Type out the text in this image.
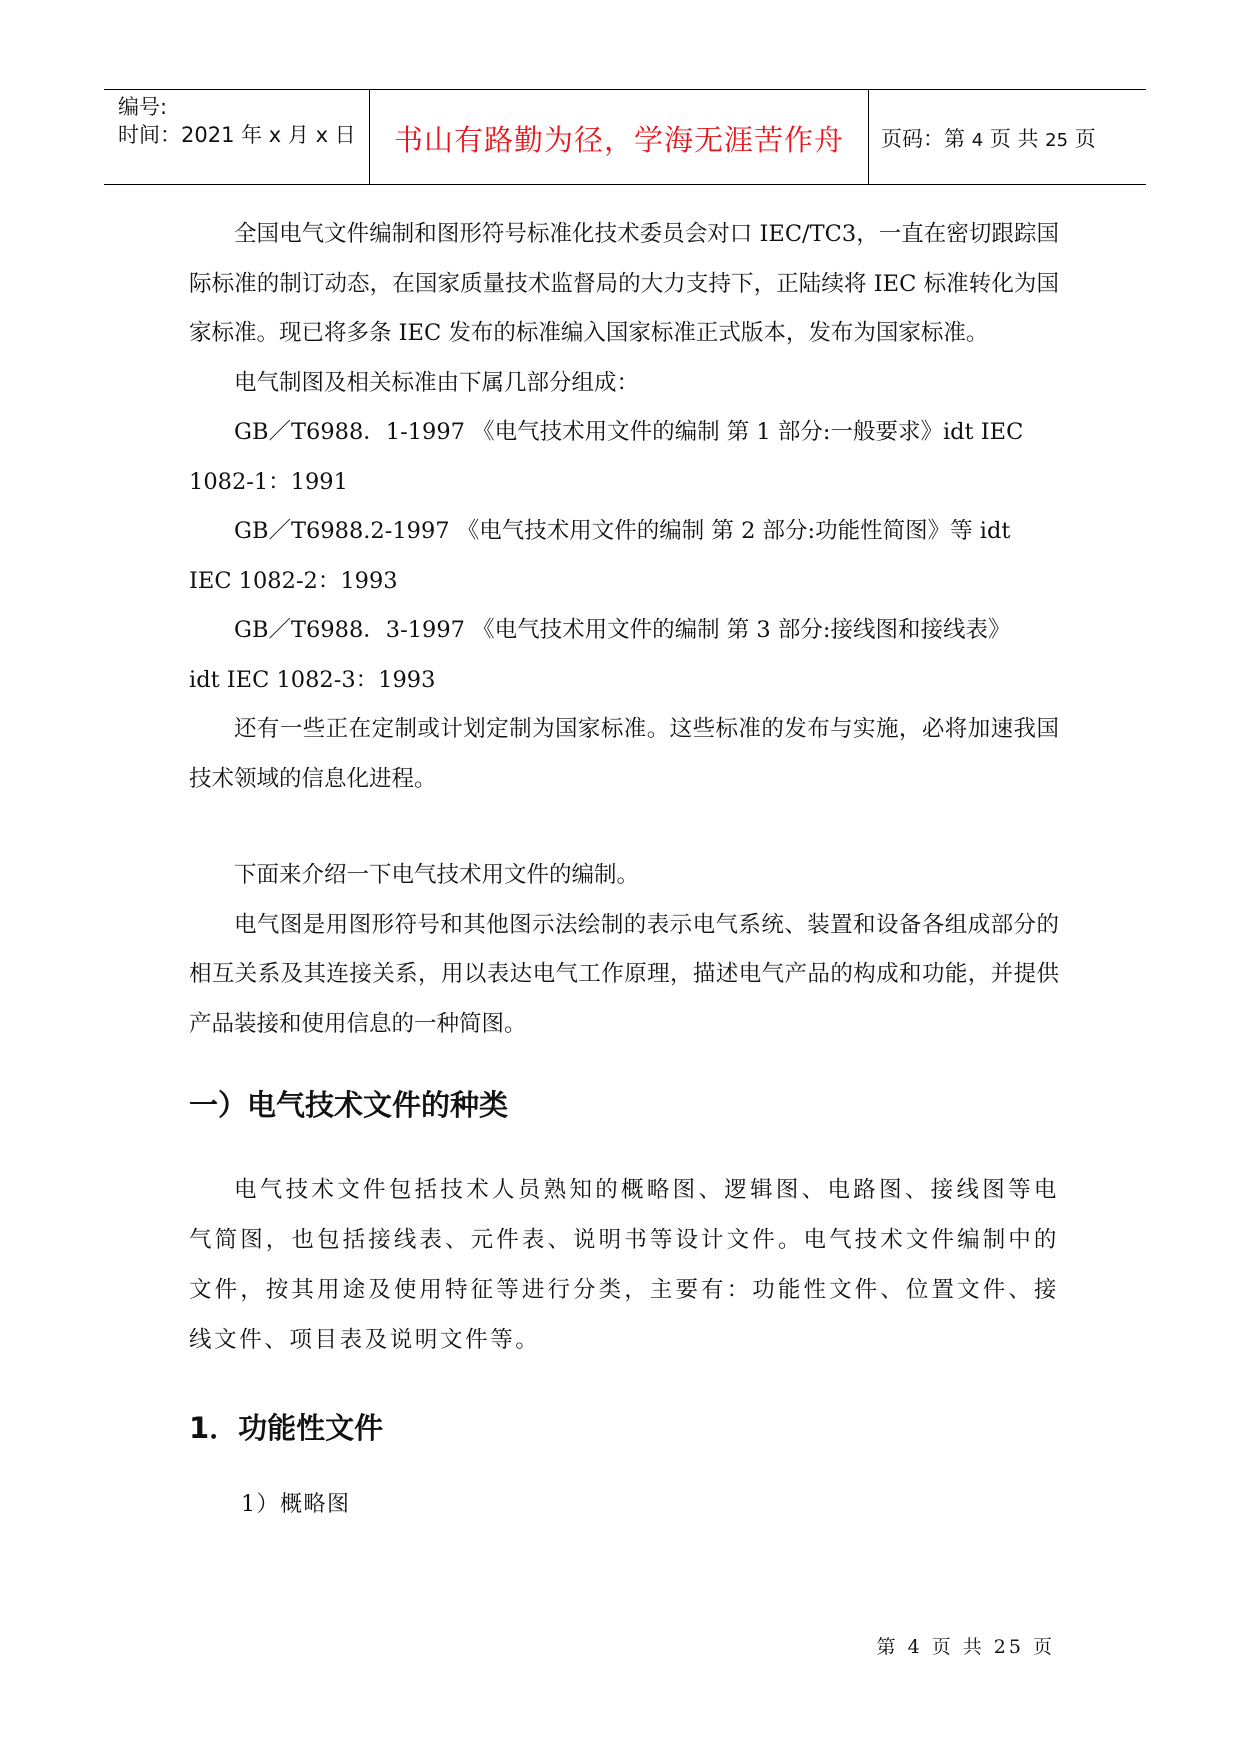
编号:
时间：2021 年 x 月 x 日	书山有路勤为径，学海无涯苦作舟	页码：第 4 页 共 25 页

全国电气文件编制和图形符号标准化技术委员会对口 IEC/TC3，一直在密切跟踪国际标准的制订动态，在国家质量技术监督局的大力支持下，正陆续将 IEC 标准转化为国家标准。现已将多条 IEC 发布的标准编入国家标准正式版本，发布为国家标准。

电气制图及相关标准由下属几部分组成：

GB／T6988．1-1997 《电气技术用文件的编制 第 1 部分:一般要求》idt IEC

1082-1：1991

GB／T6988.2-1997 《电气技术用文件的编制 第 2 部分:功能性简图》等 idt

IEC 1082-2：1993

GB／T6988．3-1997 《电气技术用文件的编制 第 3 部分:接线图和接线表》

idt IEC 1082-3：1993

还有一些正在定制或计划定制为国家标准。这些标准的发布与实施，必将加速我国技术领域的信息化进程。

下面来介绍一下电气技术用文件的编制。

电气图是用图形符号和其他图示法绘制的表示电气系统、装置和设备各组成部分的相互关系及其连接关系，用以表达电气工作原理，描述电气产品的构成和功能，并提供产品装接和使用信息的一种简图。

一）电气技术文件的种类

电气技术文件包括技术人员熟知的概略图、逻辑图、电路图、接线图等电气简图，也包括接线表、元件表、说明书等设计文件。电气技术文件编制中的文件，按其用途及使用特征等进行分类，主要有：功能性文件、位置文件、接线文件、项目表及说明文件等。

1．功能性文件
1）概略图
第 4 页 共 25 页
